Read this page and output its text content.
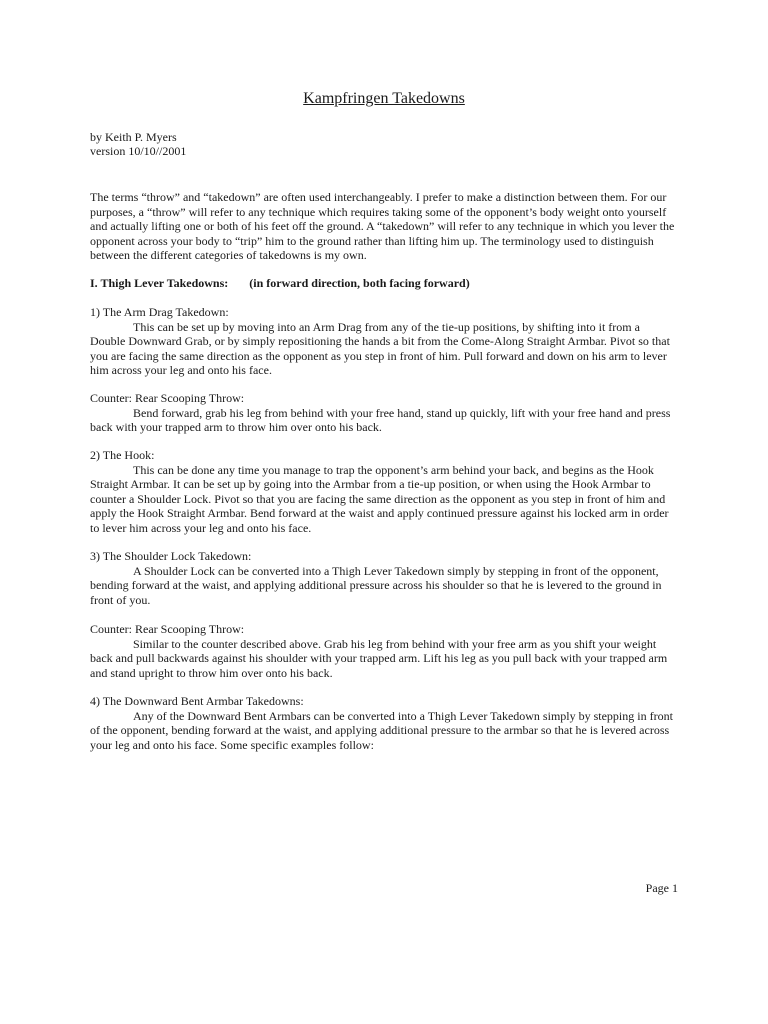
Kampfringen Takedowns
by Keith P. Myers
version 10/10//2001

The terms “throw” and “takedown” are often used interchangeably. I prefer to make a distinction between them. For our purposes, a “throw” will refer to any technique which requires taking some of the opponent’s body weight onto yourself and actually lifting one or both of his feet off the ground. A “takedown” will refer to any technique in which you lever the opponent across your body to “trip” him to the ground rather than lifting him up. The terminology used to distinguish between the different categories of takedowns is my own.

I. Thigh Lever Takedowns: (in forward direction, both facing forward)

1) The Arm Drag Takedown:

This can be set up by moving into an Arm Drag from any of the tie-up positions, by shifting into it from a Double Downward Grab, or by simply repositioning the hands a bit from the Come-Along Straight Armbar. Pivot so that you are facing the same direction as the opponent as you step in front of him. Pull forward and down on his arm to lever him across your leg and onto his face.

Counter: Rear Scooping Throw:

Bend forward, grab his leg from behind with your free hand, stand up quickly, lift with your free hand and press back with your trapped arm to throw him over onto his back.

2) The Hook:

This can be done any time you manage to trap the opponent’s arm behind your back, and begins as the Hook Straight Armbar. It can be set up by going into the Armbar from a tie-up position, or when using the Hook Armbar to counter a Shoulder Lock. Pivot so that you are facing the same direction as the opponent as you step in front of him and apply the Hook Straight Armbar. Bend forward at the waist and apply continued pressure against his locked arm in order to lever him across your leg and onto his face.

3) The Shoulder Lock Takedown:

A Shoulder Lock can be converted into a Thigh Lever Takedown simply by stepping in front of the opponent, bending forward at the waist, and applying additional pressure across his shoulder so that he is levered to the ground in front of you.

Counter: Rear Scooping Throw:

Similar to the counter described above. Grab his leg from behind with your free arm as you shift your weight back and pull backwards against his shoulder with your trapped arm. Lift his leg as you pull back with your trapped arm and stand upright to throw him over onto his back.

4) The Downward Bent Armbar Takedowns:

Any of the Downward Bent Armbars can be converted into a Thigh Lever Takedown simply by stepping in front of the opponent, bending forward at the waist, and applying additional pressure to the armbar so that he is levered across your leg and onto his face. Some specific examples follow:

Page 1
